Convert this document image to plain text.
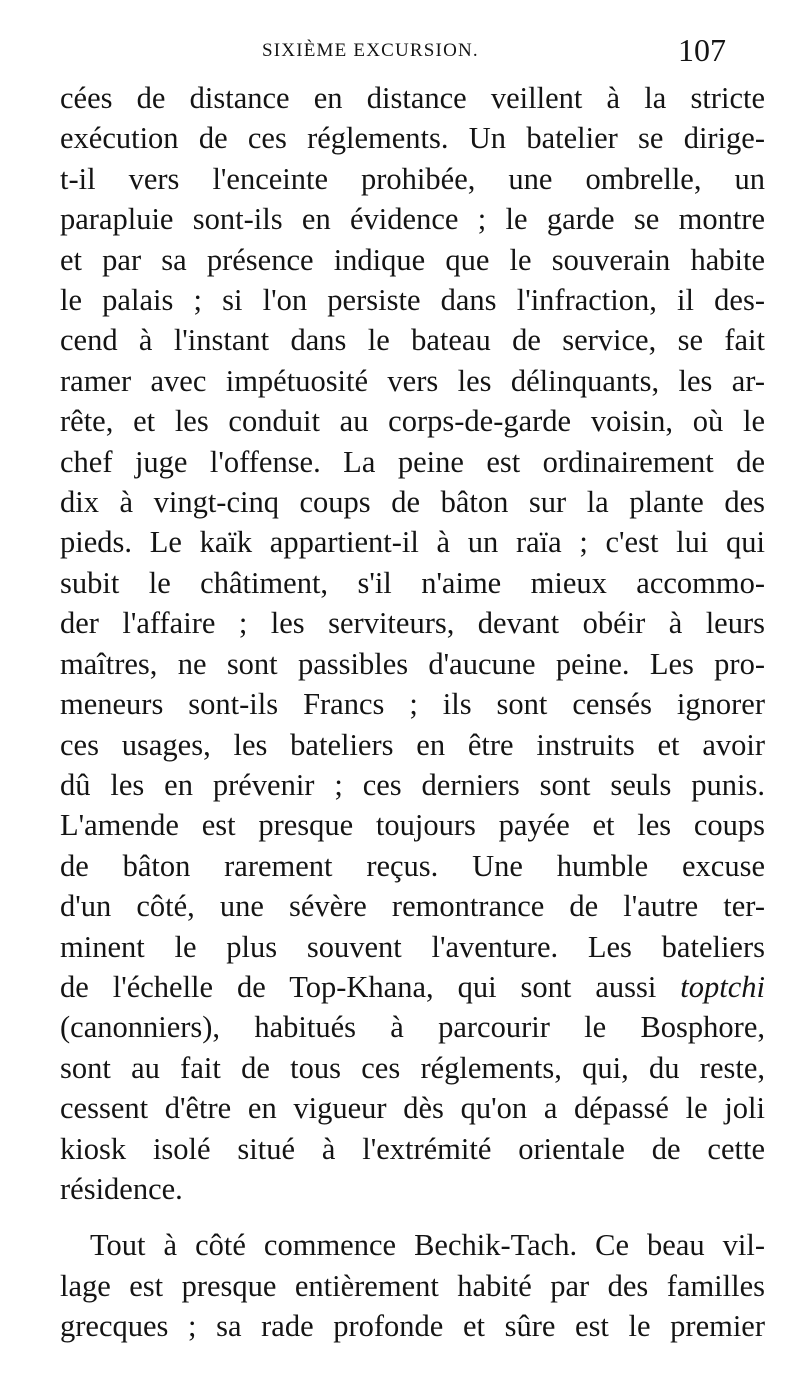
SIXIÈME EXCURSION.	107
cées de distance en distance veillent à la stricte
exécution de ces réglements. Un batelier se dirige-
t-il vers l'enceinte prohibée, une ombrelle, un
parapluie sont-ils en évidence ; le garde se montre
et par sa présence indique que le souverain habite
le palais ; si l'on persiste dans l'infraction, il des-
cend à l'instant dans le bateau de service, se fait
ramer avec impétuosité vers les délinquants, les ar-
rête, et les conduit au corps-de-garde voisin, où le
chef juge l'offense. La peine est ordinairement de
dix à vingt-cinq coups de bâton sur la plante des
pieds. Le kaïk appartient-il à un raïa ; c'est lui qui
subit le châtiment, s'il n'aime mieux accommo-
der l'affaire ; les serviteurs, devant obéir à leurs
maîtres, ne sont passibles d'aucune peine. Les pro-
meneurs sont-ils Francs ; ils sont censés ignorer
ces usages, les bateliers en être instruits et avoir
dû les en prévenir ; ces derniers sont seuls punis.
L'amende est presque toujours payée et les coups
de bâton rarement reçus. Une humble excuse
d'un côté, une sévère remontrance de l'autre ter-
minent le plus souvent l'aventure. Les bateliers
de l'échelle de Top-Khana, qui sont aussi toptchi
(canonniers), habitués à parcourir le Bosphore,
sont au fait de tous ces réglements, qui, du reste,
cessent d'être en vigueur dès qu'on a dépassé le joli
kiosk isolé situé à l'extrémité orientale de cette
résidence.
Tout à côté commence Bechik-Tach. Ce beau vil-
lage est presque entièrement habité par des familles
grecques ; sa rade profonde et sûre est le premier
